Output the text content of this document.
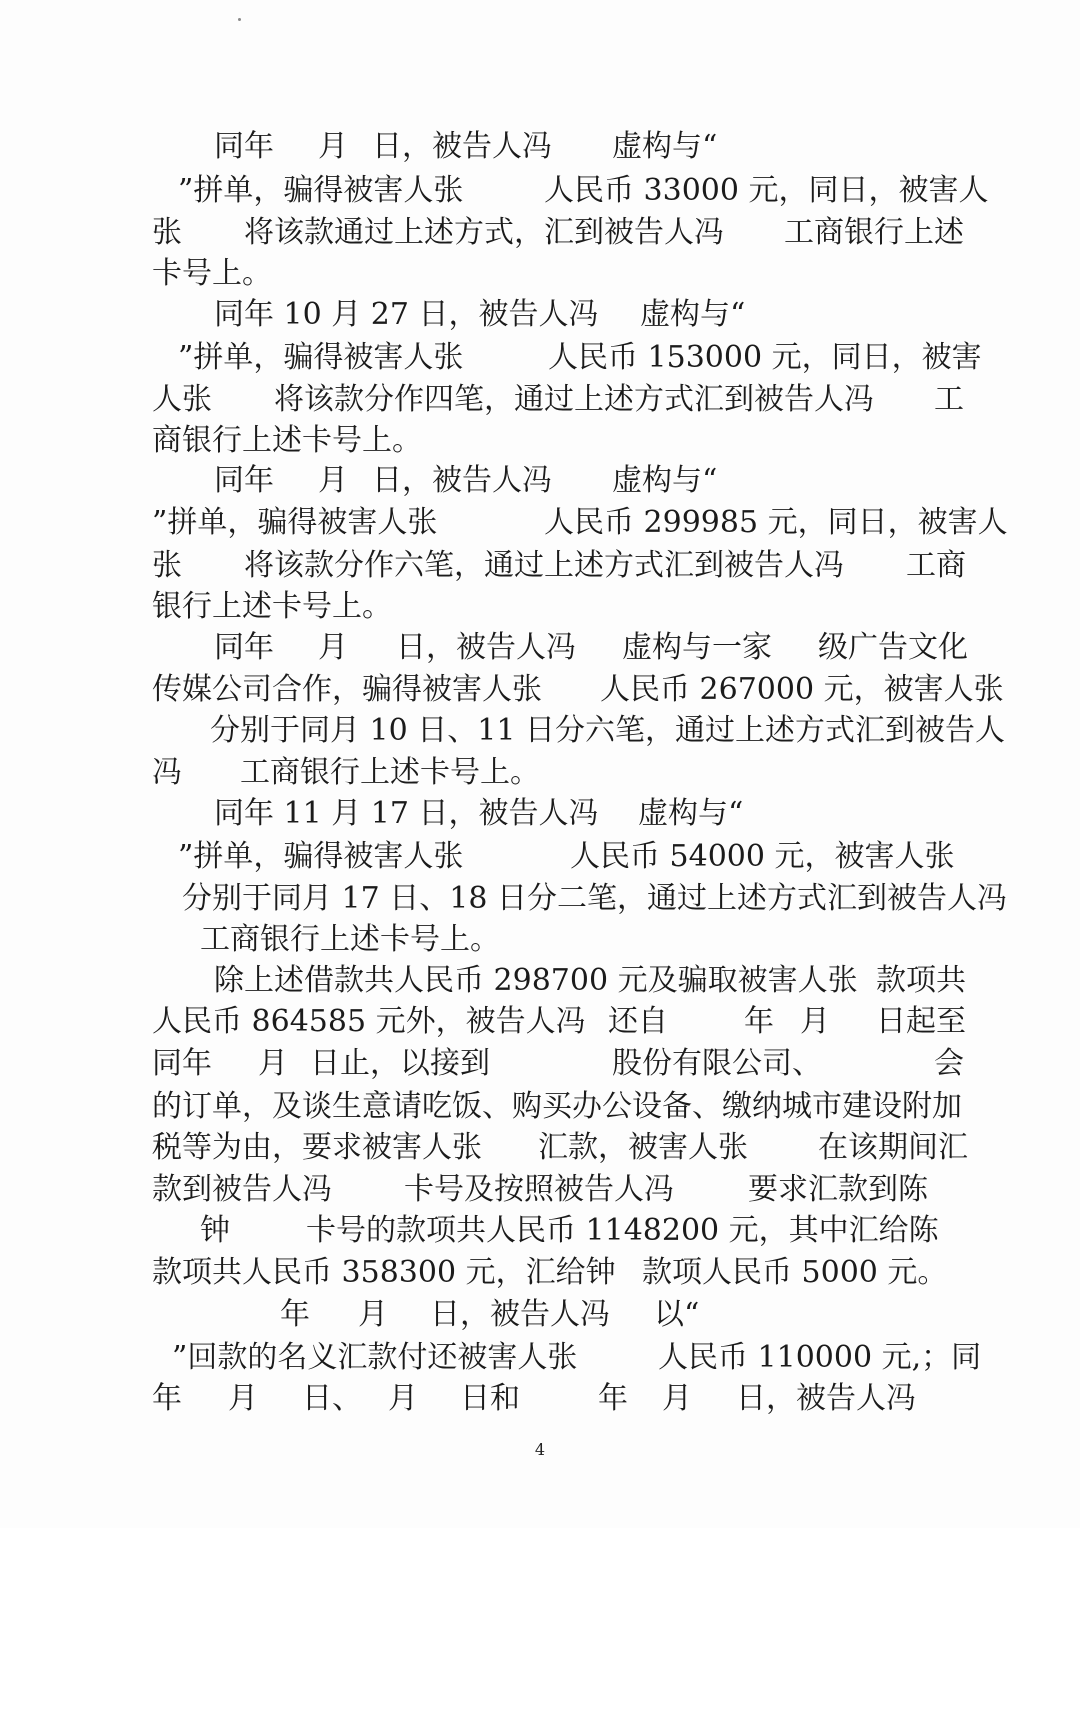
同年

月

日，被告人冯

虚构与“

”拼单，骗得被害人张

	人民币 33000 元，同日，被害人

张

将该款通过上述方式，汇到被告人冯

工商银行上述

卡号上。

同年 10 月 27 日，被告人冯

虚构与“

”拼单，骗得被害人张

	人民币 153000 元，同日，被害

人张

将该款分作四笔，通过上述方式汇到被告人冯

工

商银行上述卡号上。

同年

月

日，被告人冯

虚构与“

”拼单，骗得被害人张

	人民币 299985 元，同日，被害人

张

将该款分作六笔，通过上述方式汇到被告人冯

工商

银行上述卡号上。

同年

月

日，被告人冯

虚构与一家

级广告文化

传媒公司合作，骗得被害人张

人民币 267000 元，被害人张

分别于同月 10 日、11 日分六笔，通过上述方式汇到被告人

冯

工商银行上述卡号上。

同年 11 月 17 日，被告人冯

虚构与“

”拼单，骗得被害人张

	人民币 54000 元，被害人张

分别于同月 17 日、18 日分二笔，通过上述方式汇到被告人冯

工商银行上述卡号上。

除上述借款共人民币 298700 元及骗取被害人张

款项共

人民币 864585 元外，被告人冯

还自

	年

月

日起至

同年

月

日止，以接到

	股份有限公司、

	会

的订单，及谈生意请吃饭、购买办公设备、缴纳城市建设附加

税等为由，要求被害人张

汇款，被害人张

在该期间汇

款到被告人冯

卡号及按照被告人冯

要求汇款到陈

钟

	卡号的款项共人民币 1148200 元，其中汇给陈

款项共人民币 358300 元，汇给钟

款项人民币 5000 元。

年

月

日，被告人冯

以“

”回款的名义汇款付还被害人张

	人民币 110000 元,；同

年

月

日、

月

日和

	年

月

日，被告人冯

4
